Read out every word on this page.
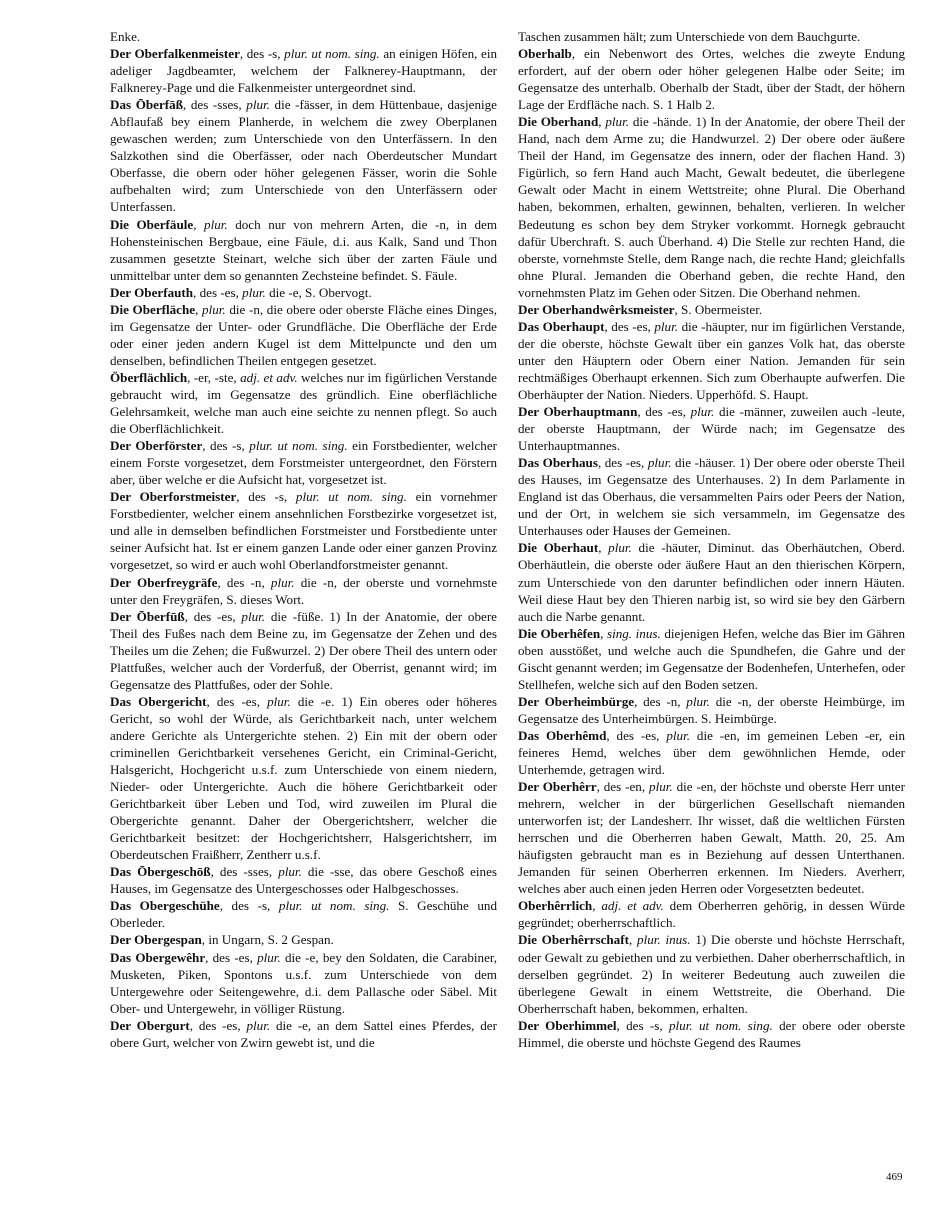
Enke.

Der Oberfalkenmeister, des -s, plur. ut nom. sing. an einigen Höfen, ein adeliger Jagdbeamter, welchem der Falknerey-Hauptmann, der Falknerey-Page und die Falkenmeister untergeordnet sind.

Das Ōberfāß, des -sses, plur. die -fässer, in dem Hüttenbaue, dasjenige Abflaufaß bey einem Planherde, in welchem die zwey Oberplanen gewaschen werden; zum Unterschiede von den Unterfässern. In den Salzkothen sind die Oberfässer, oder nach Oberdeutscher Mundart Oberfasse, die obern oder höher gelegenen Fässer, worin die Sohle aufbehalten wird; zum Unterschiede von den Unterfässern oder Unterfassen.

Die Oberfäule, plur. doch nur von mehrern Arten, die -n, in dem Hohensteinischen Bergbaue, eine Fäule, d.i. aus Kalk, Sand und Thon zusammen gesetzte Steinart, welche sich über der zarten Fäule und unmittelbar unter dem so genannten Zechsteine befindet. S. Fäule.

Der Oberfauth, des -es, plur. die -e, S. Obervogt.

Die Oberfläche, plur. die -n, die obere oder oberste Fläche eines Dinges, im Gegensatze der Unter- oder Grundfläche. Die Oberfläche der Erde oder einer jeden andern Kugel ist dem Mittelpuncte und den um denselben, befindlichen Theilen entgegen gesetzet.

Öberflächlich, -er, -ste, adj. et adv. welches nur im figürlichen Verstande gebraucht wird, im Gegensatze des gründlich. Eine oberflächliche Gelehrsamkeit, welche man auch eine seichte zu nennen pflegt. So auch die Oberflächlichkeit.

Der Oberförster, des -s, plur. ut nom. sing. ein Forstbedienter, welcher einem Forste vorgesetzet, dem Forstmeister untergeordnet, den Förstern aber, über welche er die Aufsicht hat, vorgesetzet ist.

Der Oberforstmeister, des -s, plur. ut nom. sing. ein vornehmer Forstbedienter, welcher einem ansehnlichen Forstbezirke vorgesetzet ist, und alle in demselben befindlichen Forstmeister und Forstbediente unter seiner Aufsicht hat. Ist er einem ganzen Lande oder einer ganzen Provinz vorgesetzet, so wird er auch wohl Oberlandforstmeister genannt.

Der Oberfreygräfe, des -n, plur. die -n, der oberste und vornehmste unter den Freygräfen, S. dieses Wort.

Der Ōberfūß, des -es, plur. die -füße. 1) In der Anatomie, der obere Theil des Fußes nach dem Beine zu, im Gegensatze der Zehen und des Theiles um die Zehen; die Fußwurzel. 2) Der obere Theil des untern oder Plattfußes, welcher auch der Vorderfuß, der Oberrist, genannt wird; im Gegensatze des Plattfußes, oder der Sohle.

Das Obergericht, des -es, plur. die -e. 1) Ein oberes oder höheres Gericht, so wohl der Würde, als Gerichtbarkeit nach, unter welchem andere Gerichte als Untergerichte stehen. 2) Ein mit der obern oder criminellen Gerichtbarkeit versehenes Gericht, ein Criminal-Gericht, Halsgericht, Hochgericht u.s.f. zum Unterschiede von einem niedern, Nieder- oder Untergerichte. Auch die höhere Gerichtbarkeit oder Gerichtbarkeit über Leben und Tod, wird zuweilen im Plural die Obergerichte genannt. Daher der Obergerichtsherr, welcher die Gerichtbarkeit besitzet: der Hochgerichtsherr, Halsgerichtsherr, im Oberdeutschen Fraißherr, Zentherr u.s.f.

Das Ōbergeschōß, des -sses, plur. die -sse, das obere Geschoß eines Hauses, im Gegensatze des Untergeschosses oder Halbgeschosses.

Das Obergeschühe, des -s, plur. ut nom. sing. S. Geschühe und Oberleder.

Der Obergespan, in Ungarn, S. 2 Gespan.

Das Obergewêhr, des -es, plur. die -e, bey den Soldaten, die Carabiner, Musketen, Piken, Spontons u.s.f. zum Unterschiede von dem Untergewehre oder Seitengewehre, d.i. dem Pallasche oder Säbel. Mit Ober- und Untergewehr, in völliger Rüstung.

Der Obergurt, des -es, plur. die -e, an dem Sattel eines Pferdes, der obere Gurt, welcher von Zwirn gewebt ist, und die

Taschen zusammen hält; zum Unterschiede von dem Bauchgurte.

Oberhalb, ein Nebenwort des Ortes, welches die zweyte Endung erfordert, auf der obern oder höher gelegenen Halbe oder Seite; im Gegensatze des unterhalb. Oberhalb der Stadt, über der Stadt, der höhern Lage der Erdfläche nach. S. 1 Halb 2.

Die Oberhand, plur. die -hände. 1) In der Anatomie, der obere Theil der Hand, nach dem Arme zu; die Handwurzel. 2) Der obere oder äußere Theil der Hand, im Gegensatze des innern, oder der flachen Hand. 3) Figürlich, so fern Hand auch Macht, Gewalt bedeutet, die überlegene Gewalt oder Macht in einem Wettstreite; ohne Plural. Die Oberhand haben, bekommen, erhalten, gewinnen, behalten, verlieren. In welcher Bedeutung es schon bey dem Stryker vorkommt. Hornegk gebraucht dafür Uberchraft. S. auch Überhand. 4) Die Stelle zur rechten Hand, die oberste, vornehmste Stelle, dem Range nach, die rechte Hand; gleichfalls ohne Plural. Jemanden die Oberhand geben, die rechte Hand, den vornehmsten Platz im Gehen oder Sitzen. Die Oberhand nehmen.

Der Oberhandwêrksmeister, S. Obermeister.

Das Oberhaupt, des -es, plur. die -häupter, nur im figürlichen Verstande, der die oberste, höchste Gewalt über ein ganzes Volk hat, das oberste unter den Häuptern oder Obern einer Nation. Jemanden für sein rechtmäßiges Oberhaupt erkennen. Sich zum Oberhaupte aufwerfen. Die Oberhäupter der Nation. Nieders. Upperhöfd. S. Haupt.

Der Oberhauptmann, des -es, plur. die -männer, zuweilen auch -leute, der oberste Hauptmann, der Würde nach; im Gegensatze des Unterhauptmannes.

Das Oberhaus, des -es, plur. die -häuser. 1) Der obere oder oberste Theil des Hauses, im Gegensatze des Unterhauses. 2) In dem Parlamente in England ist das Oberhaus, die versammelten Pairs oder Peers der Nation, und der Ort, in welchem sie sich versammeln, im Gegensatze des Unterhauses oder Hauses der Gemeinen.

Die Oberhaut, plur. die -häuter, Diminut. das Oberhäutchen, Oberd. Oberhäutlein, die oberste oder äußere Haut an den thierischen Körpern, zum Unterschiede von den darunter befindlichen oder innern Häuten. Weil diese Haut bey den Thieren narbig ist, so wird sie bey den Gärbern auch die Narbe genannt.

Die Oberhêfen, sing. inus. diejenigen Hefen, welche das Bier im Gähren oben ausstößet, und welche auch die Spundhefen, die Gahre und der Gischt genannt werden; im Gegensatze der Bodenhefen, Unterhefen, oder Stellhefen, welche sich auf den Boden setzen.

Der Oberheimbürge, des -n, plur. die -n, der oberste Heimbürge, im Gegensatze des Unterheimbürgen. S. Heimbürge.

Das Oberhêmd, des -es, plur. die -en, im gemeinen Leben -er, ein feineres Hemd, welches über dem gewöhnlichen Hemde, oder Unterhemde, getragen wird.

Der Oberhêrr, des -en, plur. die -en, der höchste und oberste Herr unter mehrern, welcher in der bürgerlichen Gesellschaft niemanden unterworfen ist; der Landesherr. Ihr wisset, daß die weltlichen Fürsten herrschen und die Oberherren haben Gewalt, Matth. 20, 25. Am häufigsten gebraucht man es in Beziehung auf dessen Unterthanen. Jemanden für seinen Oberherren erkennen. Im Nieders. Averherr, welches aber auch einen jeden Herren oder Vorgesetzten bedeutet.

Oberhêrrlich, adj. et adv. dem Oberherren gehörig, in dessen Würde gegründet; oberherrschaftlich.

Die Oberhêrrschaft, plur. inus. 1) Die oberste und höchste Herrschaft, oder Gewalt zu gebiethen und zu verbiethen. Daher oberherrschaftlich, in derselben gegründet. 2) In weiterer Bedeutung auch zuweilen die überlegene Gewalt in einem Wettstreite, die Oberhand. Die Oberherrschaft haben, bekommen, erhalten.

Der Oberhimmel, des -s, plur. ut nom. sing. der obere oder oberste Himmel, die oberste und höchste Gegend des Raumes

469
